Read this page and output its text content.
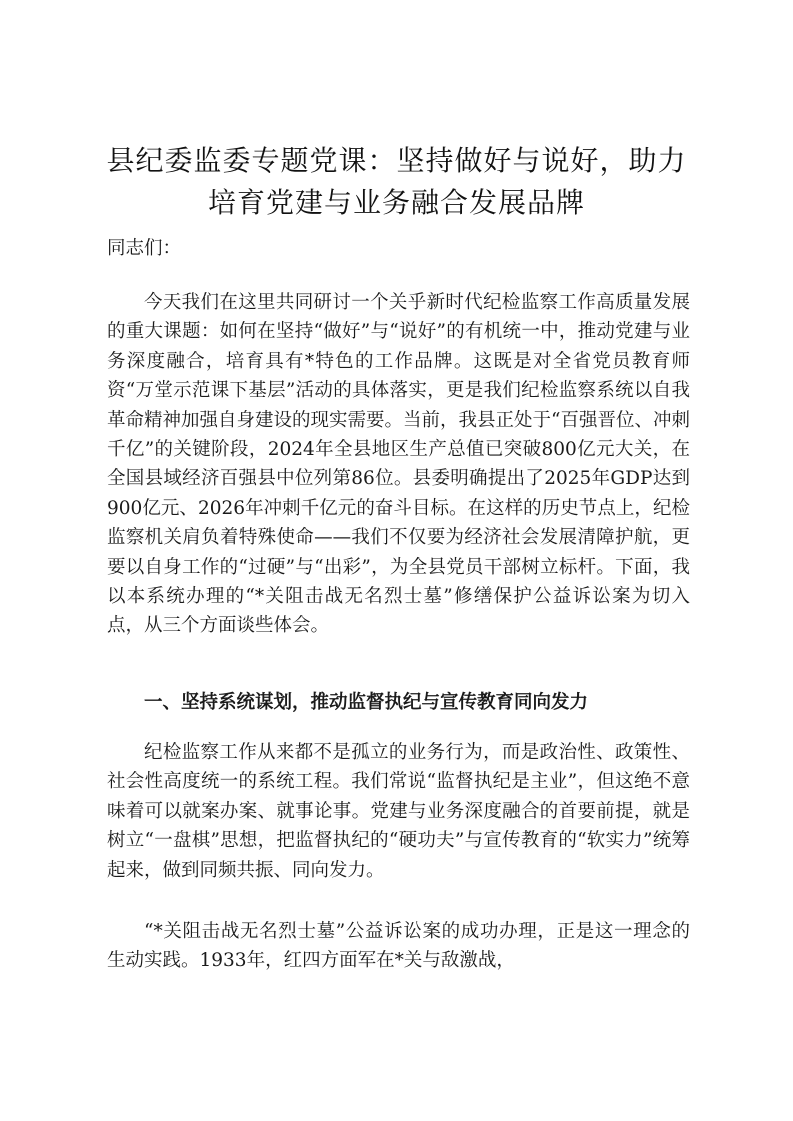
县纪委监委专题党课：坚持做好与说好，助力
培育党建与业务融合发展品牌

同志们：

今天我们在这里共同研讨一个关乎新时代纪检监察工作高质量发展的重大课题：如何在坚持“做好”与“说好”的有机统一中，推动党建与业务深度融合，培育具有*特色的工作品牌。这既是对全省党员教育师资“万堂示范课下基层”活动的具体落实，更是我们纪检监察系统以自我革命精神加强自身建设的现实需要。当前，我县正处于“百强晋位、冲刺千亿”的关键阶段，2024年全县地区生产总值已突破800亿元大关，在全国县域经济百强县中位列第86位。县委明确提出了2025年GDP达到900亿元、2026年冲刺千亿元的奋斗目标。在这样的历史节点上，纪检监察机关肩负着特殊使命——我们不仅要为经济社会发展清障护航，更要以自身工作的“过硬”与“出彩”，为全县党员干部树立标杆。下面，我以本系统办理的“*关阻击战无名烈士墓”修缮保护公益诉讼案为切入点，从三个方面谈些体会。

一、坚持系统谋划，推动监督执纪与宣传教育同向发力

纪检监察工作从来都不是孤立的业务行为，而是政治性、政策性、社会性高度统一的系统工程。我们常说“监督执纪是主业”，但这绝不意味着可以就案办案、就事论事。党建与业务深度融合的首要前提，就是树立“一盘棋”思想，把监督执纪的“硬功夫”与宣传教育的“软实力”统筹起来，做到同频共振、同向发力。

“*关阻击战无名烈士墓”公益诉讼案的成功办理，正是这一理念的生动实践。1933年，红四方面军在*关与敌激战，
